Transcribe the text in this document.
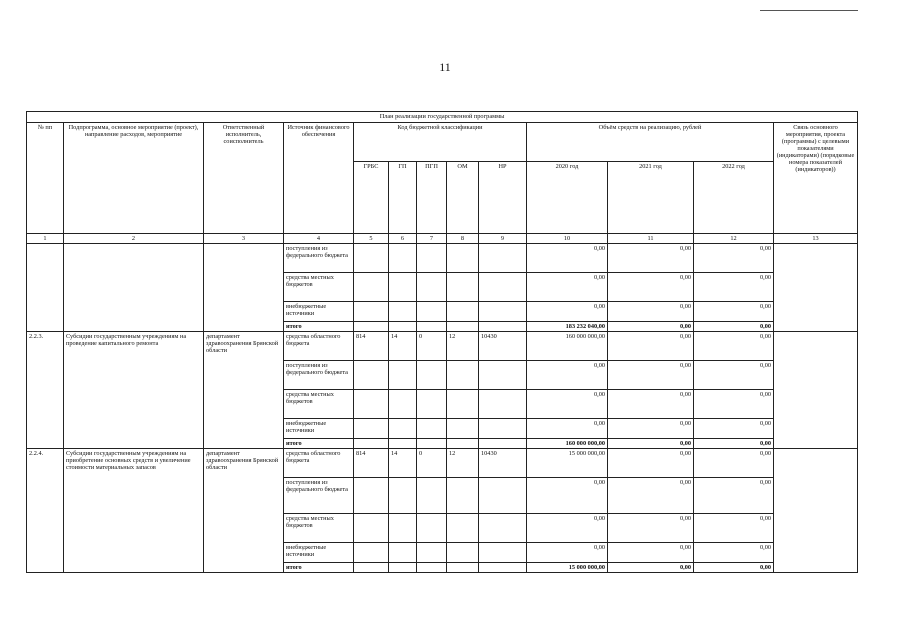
11
План реализации государственной программы												
№ пп	Подпрограмма, основное мероприятие (проект), направление расходов, мероприятие	Ответственный исполнитель, соисполнитель	Источник финансового обеспечения	Код бюджетной классификации					Объём средств на реализацию, рублей			Связь основного мероприятия, проекта (программы) с целевыми показателями (индикаторами) (порядковые номера показателей (индикаторов))
				ГРБС	ГП	ПГП	ОМ	НР	2020 год	2021 год	2022 год	
1	2	3	4	5	6	7	8	9	10	11	12	13
			поступления из федерального бюджета						0,00	0,00	0,00	
			средства местных бюджетов						0,00	0,00	0,00	
			внебюджетные источники						0,00	0,00	0,00	
			итого						183 232 040,00	0,00	0,00	
2.2.3.	Субсидии государственным учреждениям на проведение капитального ремонта	департамент здравоохранения Брянской области	средства областного бюджета	814	14	0	12	10430	160 000 000,00	0,00	0,00	
			поступления из федерального бюджета						0,00	0,00	0,00	
			средства местных бюджетов						0,00	0,00	0,00	
			внебюджетные источники						0,00	0,00	0,00	
			итого						160 000 000,00	0,00	0,00	
2.2.4.	Субсидии государственным учреждениям на приобретение основных средств и увеличение стоимости материальных запасов	департамент здравоохранения Брянской области	средства областного бюджета	814	14	0	12	10430	15 000 000,00	0,00	0,00	
			поступления из федерального бюджета						0,00	0,00	0,00	
			средства местных бюджетов						0,00	0,00	0,00	
			внебюджетные источники						0,00	0,00	0,00	
			итого						15 000 000,00	0,00	0,00	
